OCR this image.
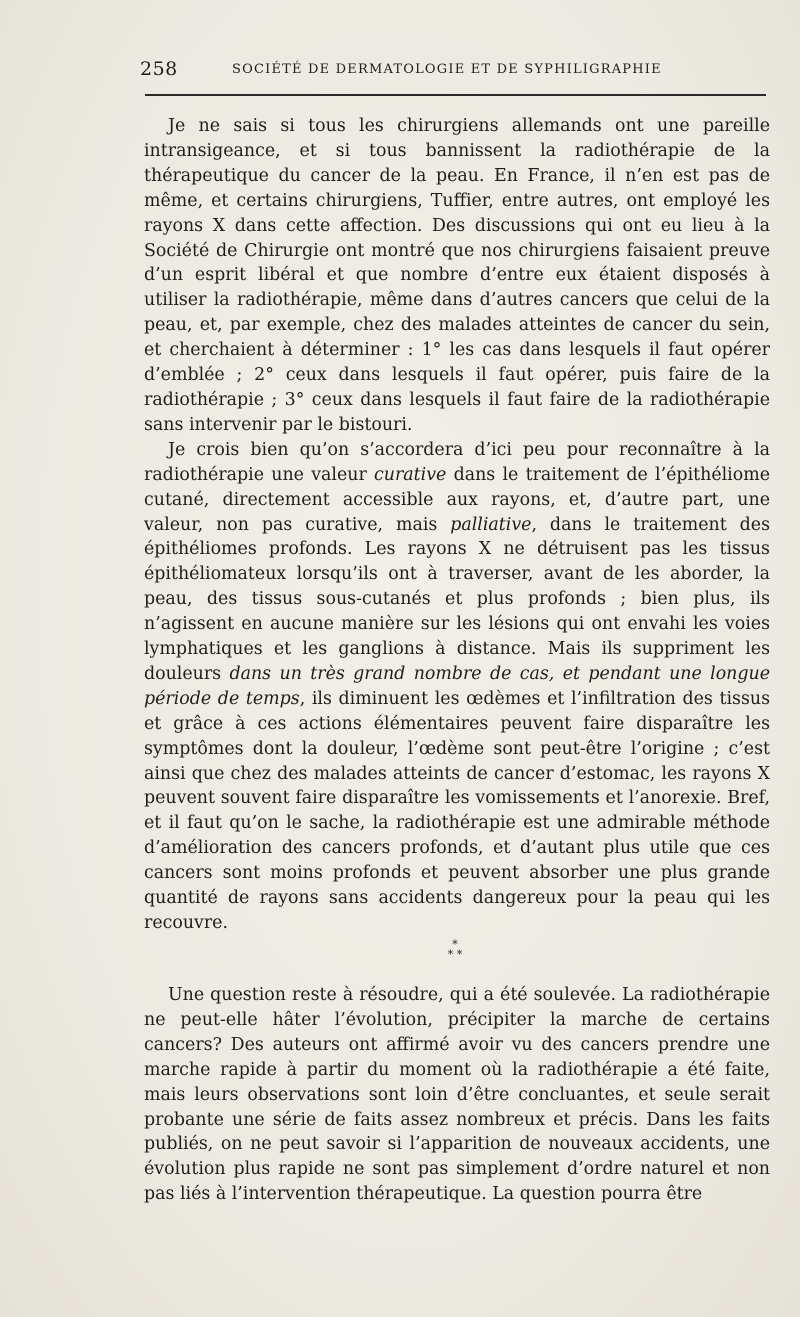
258	SOCIÉTÉ DE DERMATOLOGIE ET DE SYPHILIGRAPHIE

Je ne sais si tous les chirurgiens allemands ont une pareille intransigeance, et si tous bannissent la radiothérapie de la thérapeutique du cancer de la peau. En France, il n’en est pas de même, et certains chirurgiens, Tuffier, entre autres, ont employé les rayons X dans cette affection. Des discussions qui ont eu lieu à la Société de Chirurgie ont montré que nos chirurgiens faisaient preuve d’un esprit libéral et que nombre d’entre eux étaient disposés à utiliser la radiothérapie, même dans d’autres cancers que celui de la peau, et, par exemple, chez des malades atteintes de cancer du sein, et cherchaient à déterminer : 1° les cas dans lesquels il faut opérer d’emblée ; 2° ceux dans lesquels il faut opérer, puis faire de la radiothérapie ; 3° ceux dans lesquels il faut faire de la radiothérapie sans intervenir par le bistouri.

Je crois bien qu’on s’accordera d’ici peu pour reconnaître à la radiothérapie une valeur curative dans le traitement de l’épithéliome cutané, directement accessible aux rayons, et, d’autre part, une valeur, non pas curative, mais palliative, dans le traitement des épithéliomes profonds. Les rayons X ne détruisent pas les tissus épithéliomateux lorsqu’ils ont à traverser, avant de les aborder, la peau, des tissus sous-cutanés et plus profonds ; bien plus, ils n’agissent en aucune manière sur les lésions qui ont envahi les voies lymphatiques et les ganglions à distance. Mais ils suppriment les douleurs dans un très grand nombre de cas, et pendant une longue période de temps, ils diminuent les œdèmes et l’infiltration des tissus et grâce à ces actions élémentaires peuvent faire disparaître les symptômes dont la douleur, l’œdème sont peut-être l’origine ; c’est ainsi que chez des malades atteints de cancer d’estomac, les rayons X peuvent souvent faire disparaître les vomissements et l’anorexie. Bref, et il faut qu’on le sache, la radiothérapie est une admirable méthode d’amélioration des cancers profonds, et d’autant plus utile que ces cancers sont moins profonds et peuvent absorber une plus grande quantité de rayons sans accidents dangereux pour la peau qui les recouvre.

*
* *

Une question reste à résoudre, qui a été soulevée. La radiothérapie ne peut-elle hâter l’évolution, précipiter la marche de certains cancers? Des auteurs ont affirmé avoir vu des cancers prendre une marche rapide à partir du moment où la radiothérapie a été faite, mais leurs observations sont loin d’être concluantes, et seule serait probante une série de faits assez nombreux et précis. Dans les faits publiés, on ne peut savoir si l’apparition de nouveaux accidents, une évolution plus rapide ne sont pas simplement d’ordre naturel et non pas liés à l’intervention thérapeutique. La question pourra être
